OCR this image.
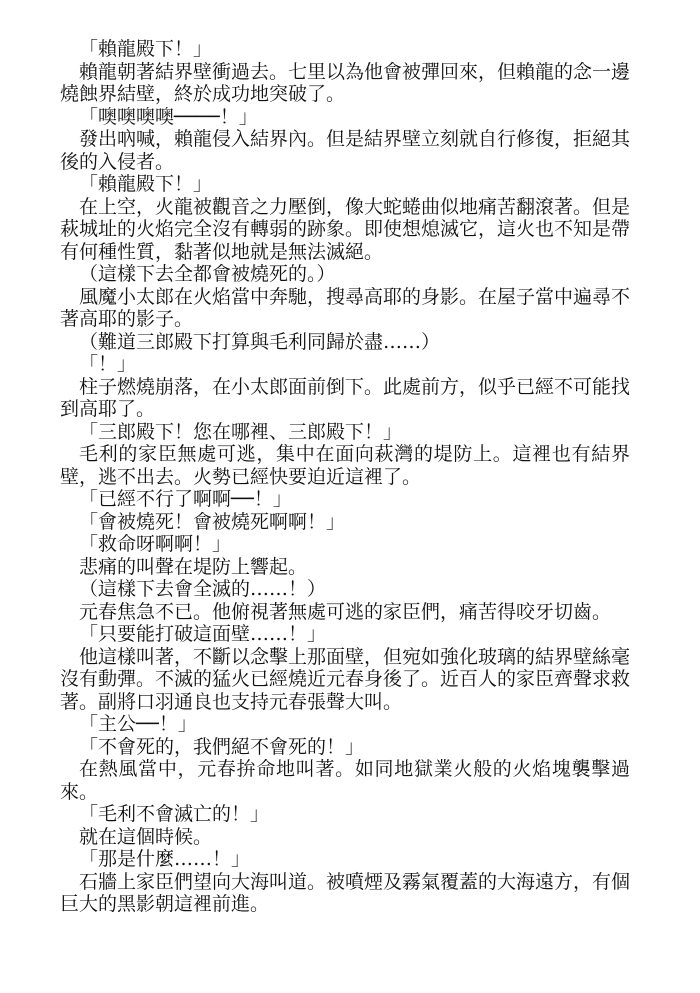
「賴龍殿下！」

賴龍朝著結界壁衝過去。七里以為他會被彈回來，但賴龍的念一邊燒蝕界結壁，終於成功地突破了。

「噢噢噢噢────！」

發出吶喊，賴龍侵入結界內。但是結界壁立刻就自行修復，拒絕其後的入侵者。

「賴龍殿下！」

在上空，火龍被觀音之力壓倒，像大蛇蜷曲似地痛苦翻滾著。但是萩城址的火焰完全沒有轉弱的跡象。即使想熄滅它，這火也不知是帶有何種性質，黏著似地就是無法滅絕。

（這樣下去全都會被燒死的。）

風魔小太郎在火焰當中奔馳，搜尋高耶的身影。在屋子當中遍尋不著高耶的影子。

（難道三郎殿下打算與毛利同歸於盡……）

「！」

柱子燃燒崩落，在小太郎面前倒下。此處前方，似乎已經不可能找到高耶了。

「三郎殿下！您在哪裡、三郎殿下！」

毛利的家臣無處可逃，集中在面向萩灣的堤防上。這裡也有結界壁，逃不出去。火勢已經快要迫近這裡了。

「已經不行了啊啊──！」

「會被燒死！會被燒死啊啊！」

「救命呀啊啊！」

悲痛的叫聲在堤防上響起。

（這樣下去會全滅的……！）

元春焦急不已。他俯視著無處可逃的家臣們，痛苦得咬牙切齒。

「只要能打破這面壁……！」

他這樣叫著，不斷以念擊上那面壁，但宛如強化玻璃的結界壁絲毫沒有動彈。不滅的猛火已經燒近元春身後了。近百人的家臣齊聲求救著。副將口羽通良也支持元春張聲大叫。

「主公──！」

「不會死的，我們絕不會死的！」

在熱風當中，元春拚命地叫著。如同地獄業火般的火焰塊襲擊過來。

「毛利不會滅亡的！」

就在這個時候。

「那是什麼……！」

石牆上家臣們望向大海叫道。被噴煙及霧氣覆蓋的大海遠方，有個巨大的黑影朝這裡前進。
